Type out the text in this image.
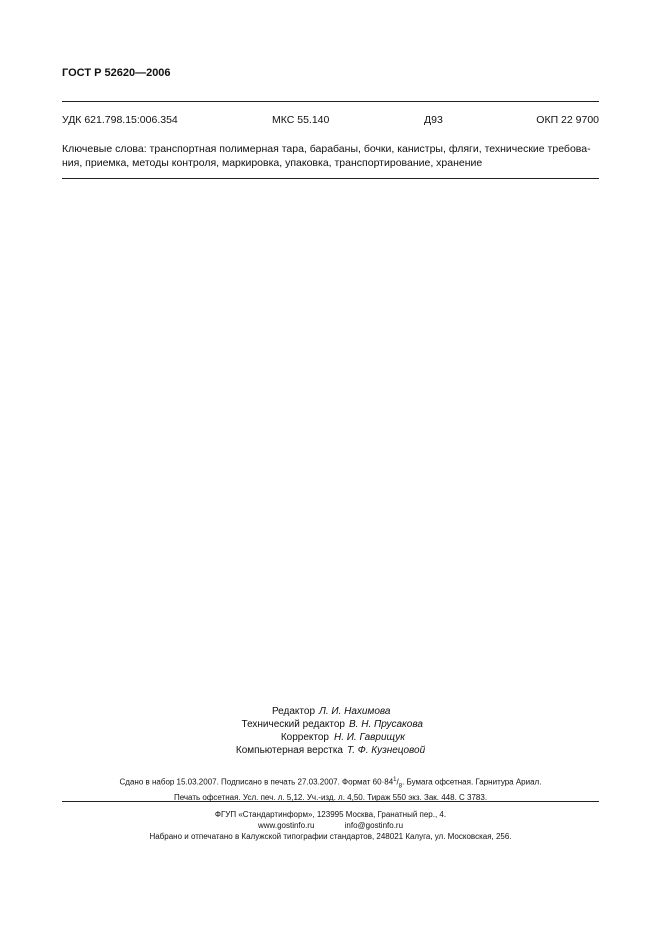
ГОСТ Р 52620—2006
УДК 621.798.15:006.354	МКС 55.140	Д93	ОКП 22 9700
Ключевые слова: транспортная полимерная тара, барабаны, бочки, канистры, фляги, технические требова-
ния, приемка, методы контроля, маркировка, упаковка, транспортирование, хранение
Редактор Л. И. Нахимова
Технический редактор В. Н. Прусакова
Корректор Н. И. Гаврищук
Компьютерная верстка Т. Ф. Кузнецовой
Сдано в набор 15.03.2007. Подписано в печать 27.03.2007. Формат $60\cdot 84^1/_8$. Бумага офсетная. Гарнитура Ариал.
Печать офсетная. Усл. печ. л. 5,12. Уч.-изд. л. 4,50. Тираж 550 экз. Зак. 448. С 3783.
ФГУП «Стандартинформ», 123995 Москва, Гранатный пер., 4.
www.gostinfo.ru	info@gostinfo.ru
Набрано и отпечатано в Калужской типографии стандартов, 248021 Калуга, ул. Московская, 256.
